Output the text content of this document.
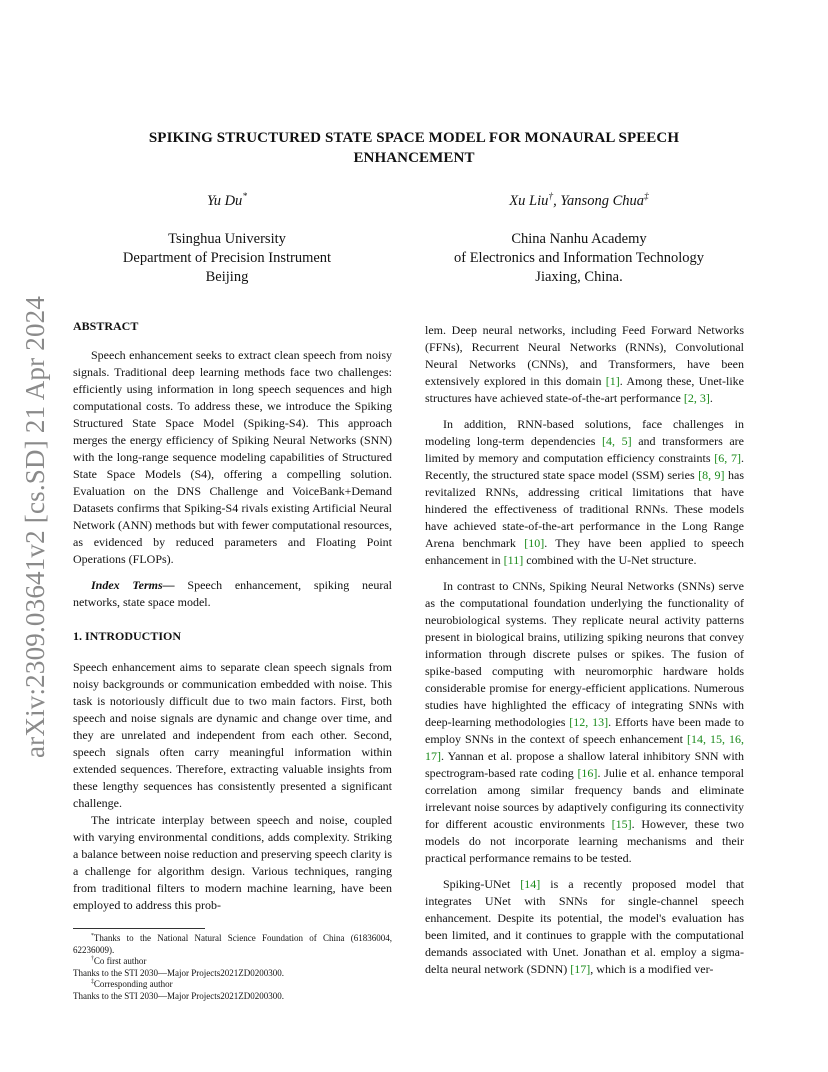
arXiv:2309.03641v2 [cs.SD] 21 Apr 2024
SPIKING STRUCTURED STATE SPACE MODEL FOR MONAURAL SPEECH
ENHANCEMENT
Yu Du*
Tsinghua University
Department of Precision Instrument
Beijing
Xu Liu†, Yansong Chua‡
China Nanhu Academy
of Electronics and Information Technology
Jiaxing, China.

ABSTRACT

Speech enhancement seeks to extract clean speech from noisy signals. Traditional deep learning methods face two challenges: efficiently using information in long speech sequences and high computational costs. To address these, we introduce the Spiking Structured State Space Model (Spiking-S4). This approach merges the energy efficiency of Spiking Neural Networks (SNN) with the long-range sequence modeling capabilities of Structured State Space Models (S4), offering a compelling solution. Evaluation on the DNS Challenge and VoiceBank+Demand Datasets confirms that Spiking-S4 rivals existing Artificial Neural Network (ANN) methods but with fewer computational resources, as evidenced by reduced parameters and Floating Point Operations (FLOPs).

Index Terms— Speech enhancement, spiking neural networks, state space model.

1. INTRODUCTION

Speech enhancement aims to separate clean speech signals from noisy backgrounds or communication embedded with noise. This task is notoriously difficult due to two main factors. First, both speech and noise signals are dynamic and change over time, and they are unrelated and independent from each other. Second, speech signals often carry meaningful information within extended sequences. Therefore, extracting valuable insights from these lengthy sequences has consistently presented a significant challenge.

The intricate interplay between speech and noise, coupled with varying environmental conditions, adds complexity. Striking a balance between noise reduction and preserving speech clarity is a challenge for algorithm design. Various techniques, ranging from traditional filters to modern machine learning, have been employed to address this prob-

*Thanks to the National Natural Science Foundation of China (61836004, 62236009).

†Co first author

Thanks to the STI 2030—Major Projects2021ZD0200300.

‡Corresponding author

Thanks to the STI 2030—Major Projects2021ZD0200300.

lem. Deep neural networks, including Feed Forward Networks (FFNs), Recurrent Neural Networks (RNNs), Convolutional Neural Networks (CNNs), and Transformers, have been extensively explored in this domain [1]. Among these, Unet-like structures have achieved state-of-the-art performance [2, 3].

In addition, RNN-based solutions, face challenges in modeling long-term dependencies [4, 5] and transformers are limited by memory and computation efficiency constraints [6, 7]. Recently, the structured state space model (SSM) series [8, 9] has revitalized RNNs, addressing critical limitations that have hindered the effectiveness of traditional RNNs. These models have achieved state-of-the-art performance in the Long Range Arena benchmark [10]. They have been applied to speech enhancement in [11] combined with the U-Net structure.

In contrast to CNNs, Spiking Neural Networks (SNNs) serve as the computational foundation underlying the functionality of neurobiological systems. They replicate neural activity patterns present in biological brains, utilizing spiking neurons that convey information through discrete pulses or spikes. The fusion of spike-based computing with neuromorphic hardware holds considerable promise for energy-efficient applications. Numerous studies have highlighted the efficacy of integrating SNNs with deep-learning methodologies [12, 13]. Efforts have been made to employ SNNs in the context of speech enhancement [14, 15, 16, 17]. Yannan et al. propose a shallow lateral inhibitory SNN with spectrogram-based rate coding [16]. Julie et al. enhance temporal correlation among similar frequency bands and eliminate irrelevant noise sources by adaptively configuring its connectivity for different acoustic environments [15]. However, these two models do not incorporate learning mechanisms and their practical performance remains to be tested.

Spiking-UNet [14] is a recently proposed model that integrates UNet with SNNs for single-channel speech enhancement. Despite its potential, the model's evaluation has been limited, and it continues to grapple with the computational demands associated with Unet. Jonathan et al. employ a sigma-delta neural network (SDNN) [17], which is a modified ver-
